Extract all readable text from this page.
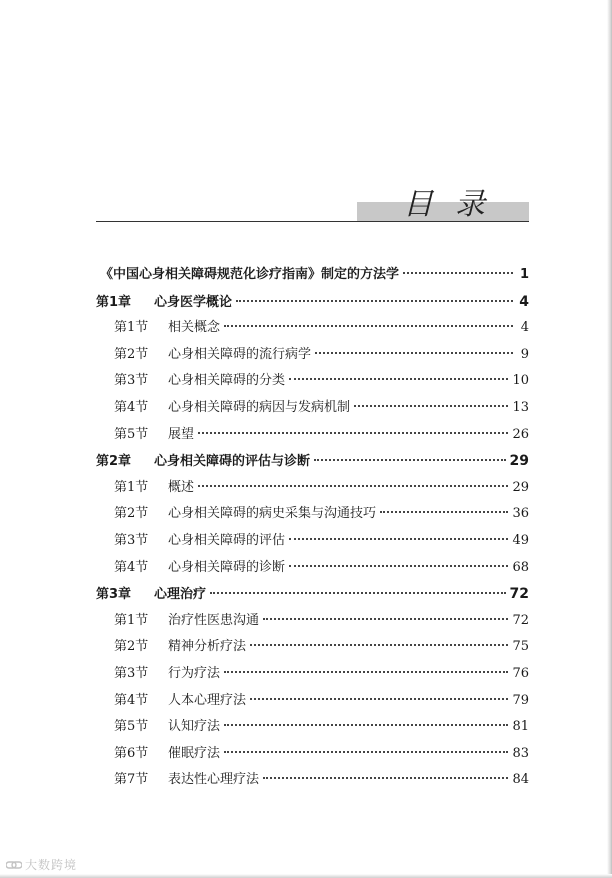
目录
《中国心身相关障碍规范化诊疗指南》制定的方法学	1
第1章	心身医学概论	4
第1节	相关概念	4
第2节	心身相关障碍的流行病学	9
第3节	心身相关障碍的分类	10
第4节	心身相关障碍的病因与发病机制	13
第5节	展望	26
第2章	心身相关障碍的评估与诊断	29
第1节	概述	29
第2节	心身相关障碍的病史采集与沟通技巧	36
第3节	心身相关障碍的评估	49
第4节	心身相关障碍的诊断	68
第3章	心理治疗	72
第1节	治疗性医患沟通	72
第2节	精神分析疗法	75
第3节	行为疗法	76
第4节	人本心理疗法	79
第5节	认知疗法	81
第6节	催眠疗法	83
第7节	表达性心理疗法	84
大数跨境
